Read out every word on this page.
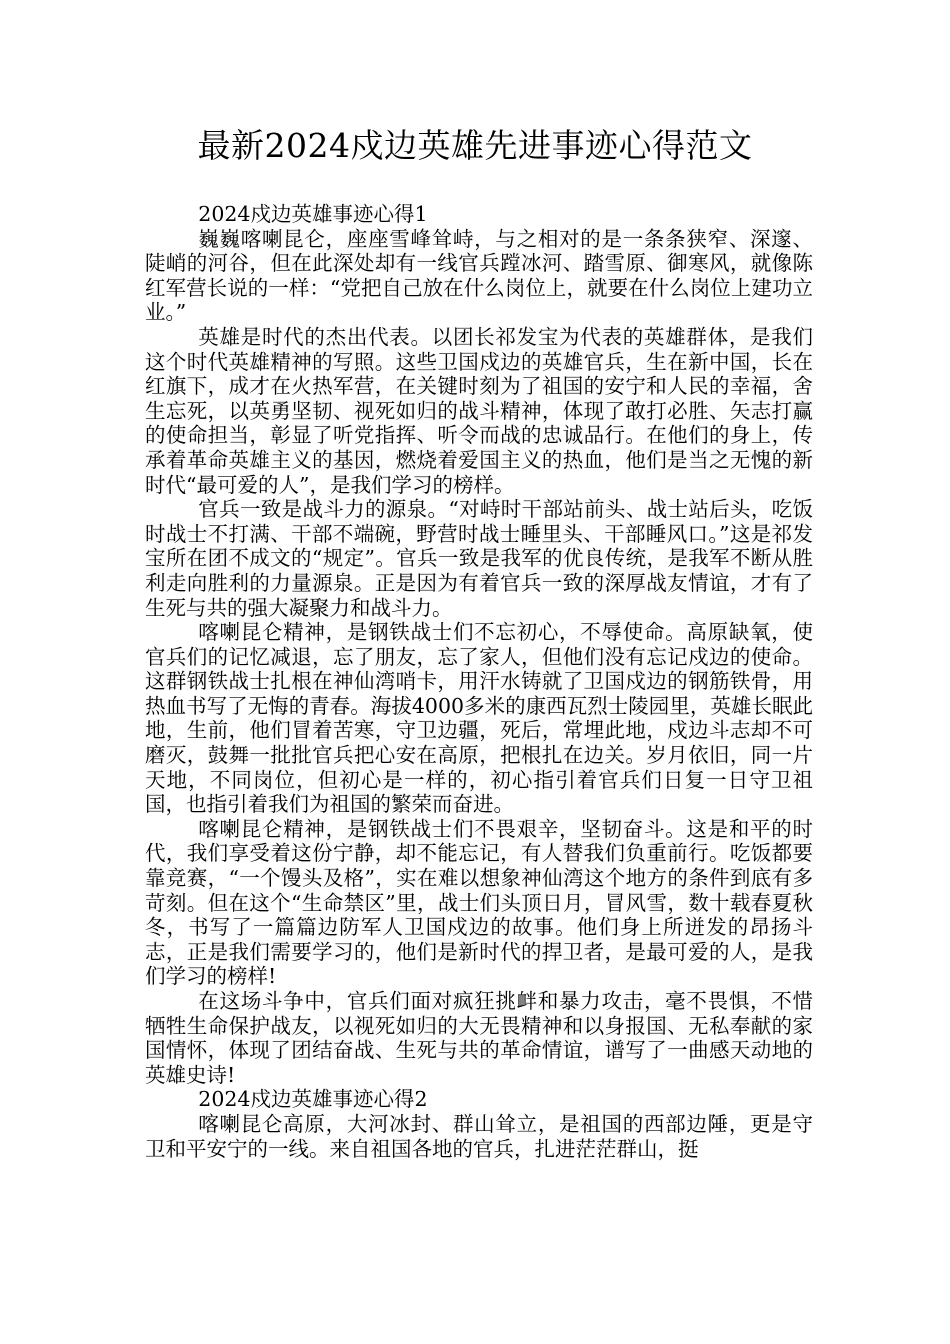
最新2024戍边英雄先进事迹心得范文

2024戍边英雄事迹心得1

巍巍喀喇昆仑，座座雪峰耸峙，与之相对的是一条条狭窄、深邃、陡峭的河谷，但在此深处却有一线官兵蹚冰河、踏雪原、御寒风，就像陈红军营长说的一样：“党把自己放在什么岗位上，就要在什么岗位上建功立业。”

英雄是时代的杰出代表。以团长祁发宝为代表的英雄群体，是我们这个时代英雄精神的写照。这些卫国戍边的英雄官兵，生在新中国，长在红旗下，成才在火热军营，在关键时刻为了祖国的安宁和人民的幸福，舍生忘死，以英勇坚韧、视死如归的战斗精神，体现了敢打必胜、矢志打赢的使命担当，彰显了听党指挥、听令而战的忠诚品行。在他们的身上，传承着革命英雄主义的基因，燃烧着爱国主义的热血，他们是当之无愧的新时代“最可爱的人”，是我们学习的榜样。

官兵一致是战斗力的源泉。“对峙时干部站前头、战士站后头，吃饭时战士不打满、干部不端碗，野营时战士睡里头、干部睡风口。”这是祁发宝所在团不成文的“规定”。官兵一致是我军的优良传统，是我军不断从胜利走向胜利的力量源泉。正是因为有着官兵一致的深厚战友情谊，才有了生死与共的强大凝聚力和战斗力。

喀喇昆仑精神，是钢铁战士们不忘初心，不辱使命。高原缺氧，使官兵们的记忆减退，忘了朋友，忘了家人，但他们没有忘记戍边的使命。这群钢铁战士扎根在神仙湾哨卡，用汗水铸就了卫国戍边的钢筋铁骨，用热血书写了无悔的青春。海拔4000多米的康西瓦烈士陵园里，英雄长眠此地，生前，他们冒着苦寒，守卫边疆，死后，常埋此地，戍边斗志却不可磨灭，鼓舞一批批官兵把心安在高原，把根扎在边关。岁月依旧，同一片天地，不同岗位，但初心是一样的，初心指引着官兵们日复一日守卫祖国，也指引着我们为祖国的繁荣而奋进。

喀喇昆仑精神，是钢铁战士们不畏艰辛，坚韧奋斗。这是和平的时代，我们享受着这份宁静，却不能忘记，有人替我们负重前行。吃饭都要靠竞赛，“一个馒头及格”，实在难以想象神仙湾这个地方的条件到底有多苛刻。但在这个“生命禁区”里，战士们头顶日月，冒风雪，数十载春夏秋冬，书写了一篇篇边防军人卫国戍边的故事。他们身上所迸发的昂扬斗志，正是我们需要学习的，他们是新时代的捍卫者，是最可爱的人，是我们学习的榜样!

在这场斗争中，官兵们面对疯狂挑衅和暴力攻击，毫不畏惧，不惜牺牲生命保护战友，以视死如归的大无畏精神和以身报国、无私奉献的家国情怀，体现了团结奋战、生死与共的革命情谊，谱写了一曲感天动地的英雄史诗!

2024戍边英雄事迹心得2

喀喇昆仑高原，大河冰封、群山耸立，是祖国的西部边陲，更是守卫和平安宁的一线。来自祖国各地的官兵，扎进茫茫群山，挺
